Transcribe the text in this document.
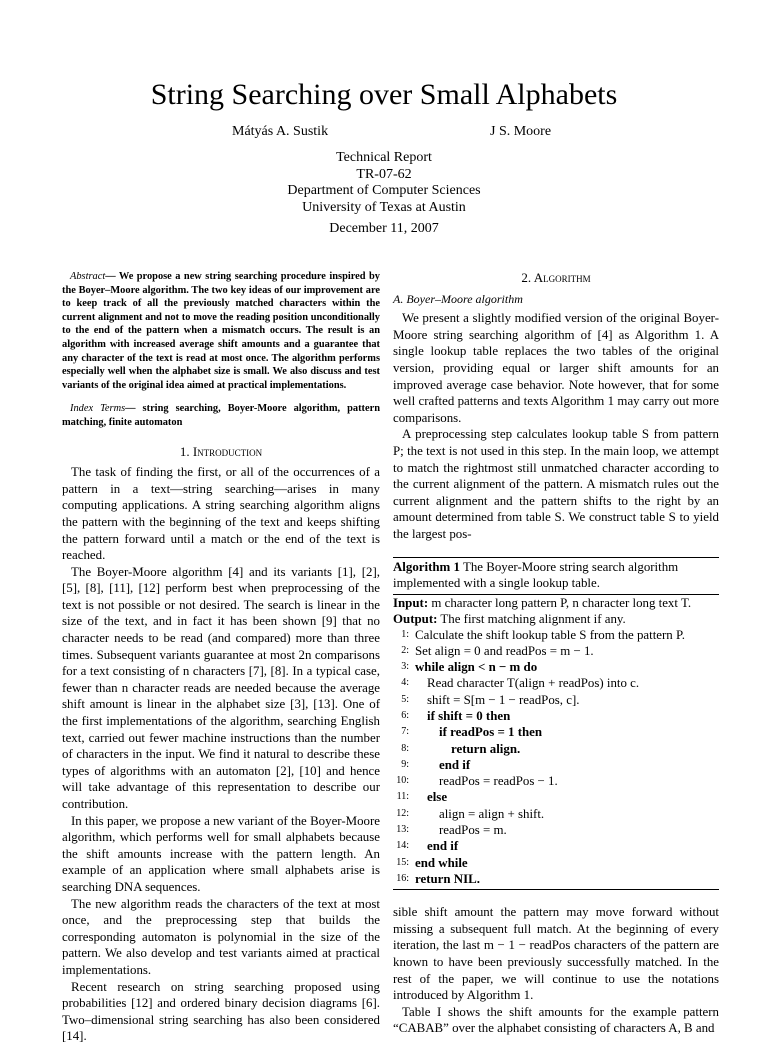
String Searching over Small Alphabets
Mátyás A. Sustik	J S. Moore
Technical Report
TR-07-62
Department of Computer Sciences
University of Texas at Austin
December 11, 2007

Abstract— We propose a new string searching procedure inspired by the Boyer–Moore algorithm. The two key ideas of our improvement are to keep track of all the previously matched characters within the current alignment and not to move the reading position unconditionally to the end of the pattern when a mismatch occurs. The result is an algorithm with increased average shift amounts and a guarantee that any character of the text is read at most once. The algorithm performs especially well when the alphabet size is small. We also discuss and test variants of the original idea aimed at practical implementations.

Index Terms— string searching, Boyer-Moore algorithm, pattern matching, finite automaton

1. Introduction

The task of finding the first, or all of the occurrences of a pattern in a text—string searching—arises in many computing applications. A string searching algorithm aligns the pattern with the beginning of the text and keeps shifting the pattern forward until a match or the end of the text is reached.

The Boyer-Moore algorithm [4] and its variants [1], [2], [5], [8], [11], [12] perform best when preprocessing of the text is not possible or not desired. The search is linear in the size of the text, and in fact it has been shown [9] that no character needs to be read (and compared) more than three times. Subsequent variants guarantee at most 2n comparisons for a text consisting of n characters [7], [8]. In a typical case, fewer than n character reads are needed because the average shift amount is linear in the alphabet size [3], [13]. One of the first implementations of the algorithm, searching English text, carried out fewer machine instructions than the number of characters in the input. We find it natural to describe these types of algorithms with an automaton [2], [10] and hence will take advantage of this representation to describe our contribution.

In this paper, we propose a new variant of the Boyer-Moore algorithm, which performs well for small alphabets because the shift amounts increase with the pattern length. An example of an application where small alphabets arise is searching DNA sequences.

The new algorithm reads the characters of the text at most once, and the preprocessing step that builds the corresponding automaton is polynomial in the size of the pattern. We also develop and test variants aimed at practical implementations.

Recent research on string searching proposed using probabilities [12] and ordered binary decision diagrams [6]. Two–dimensional string searching has also been considered [14].

2. Algorithm
A. Boyer–Moore algorithm

We present a slightly modified version of the original Boyer-Moore string searching algorithm of [4] as Algorithm 1. A single lookup table replaces the two tables of the original version, providing equal or larger shift amounts for an improved average case behavior. Note however, that for some well crafted patterns and texts Algorithm 1 may carry out more comparisons.

A preprocessing step calculates lookup table S from pattern P; the text is not used in this step. In the main loop, we attempt to match the rightmost still unmatched character according to the current alignment of the pattern. A mismatch rules out the current alignment and the pattern shifts to the right by an amount determined from table S. We construct table S to yield the largest pos-

Algorithm 1 The Boyer-Moore string search algorithm implemented with a single lookup table.
Input: m character long pattern P, n character long text T.
Output: The first matching alignment if any.
1: Calculate the shift lookup table S from the pattern P.
2: Set align = 0 and readPos = m − 1.
3: while align < n − m do
4: Read character T(align + readPos) into c.
5: shift = S[m − 1 − readPos, c].
6: if shift = 0 then
7: if readPos = 1 then
8:	return align.
9: end if
10: readPos = readPos − 1.
11: else
12: align = align + shift.
13: readPos = m.
14: end if
15: end while
16: return NIL.

sible shift amount the pattern may move forward without missing a subsequent full match. At the beginning of every iteration, the last m − 1 − readPos characters of the pattern are known to have been previously successfully matched. In the rest of the paper, we will continue to use the notations introduced by Algorithm 1.

Table I shows the shift amounts for the example pattern “CABAB” over the alphabet consisting of characters A, B and
